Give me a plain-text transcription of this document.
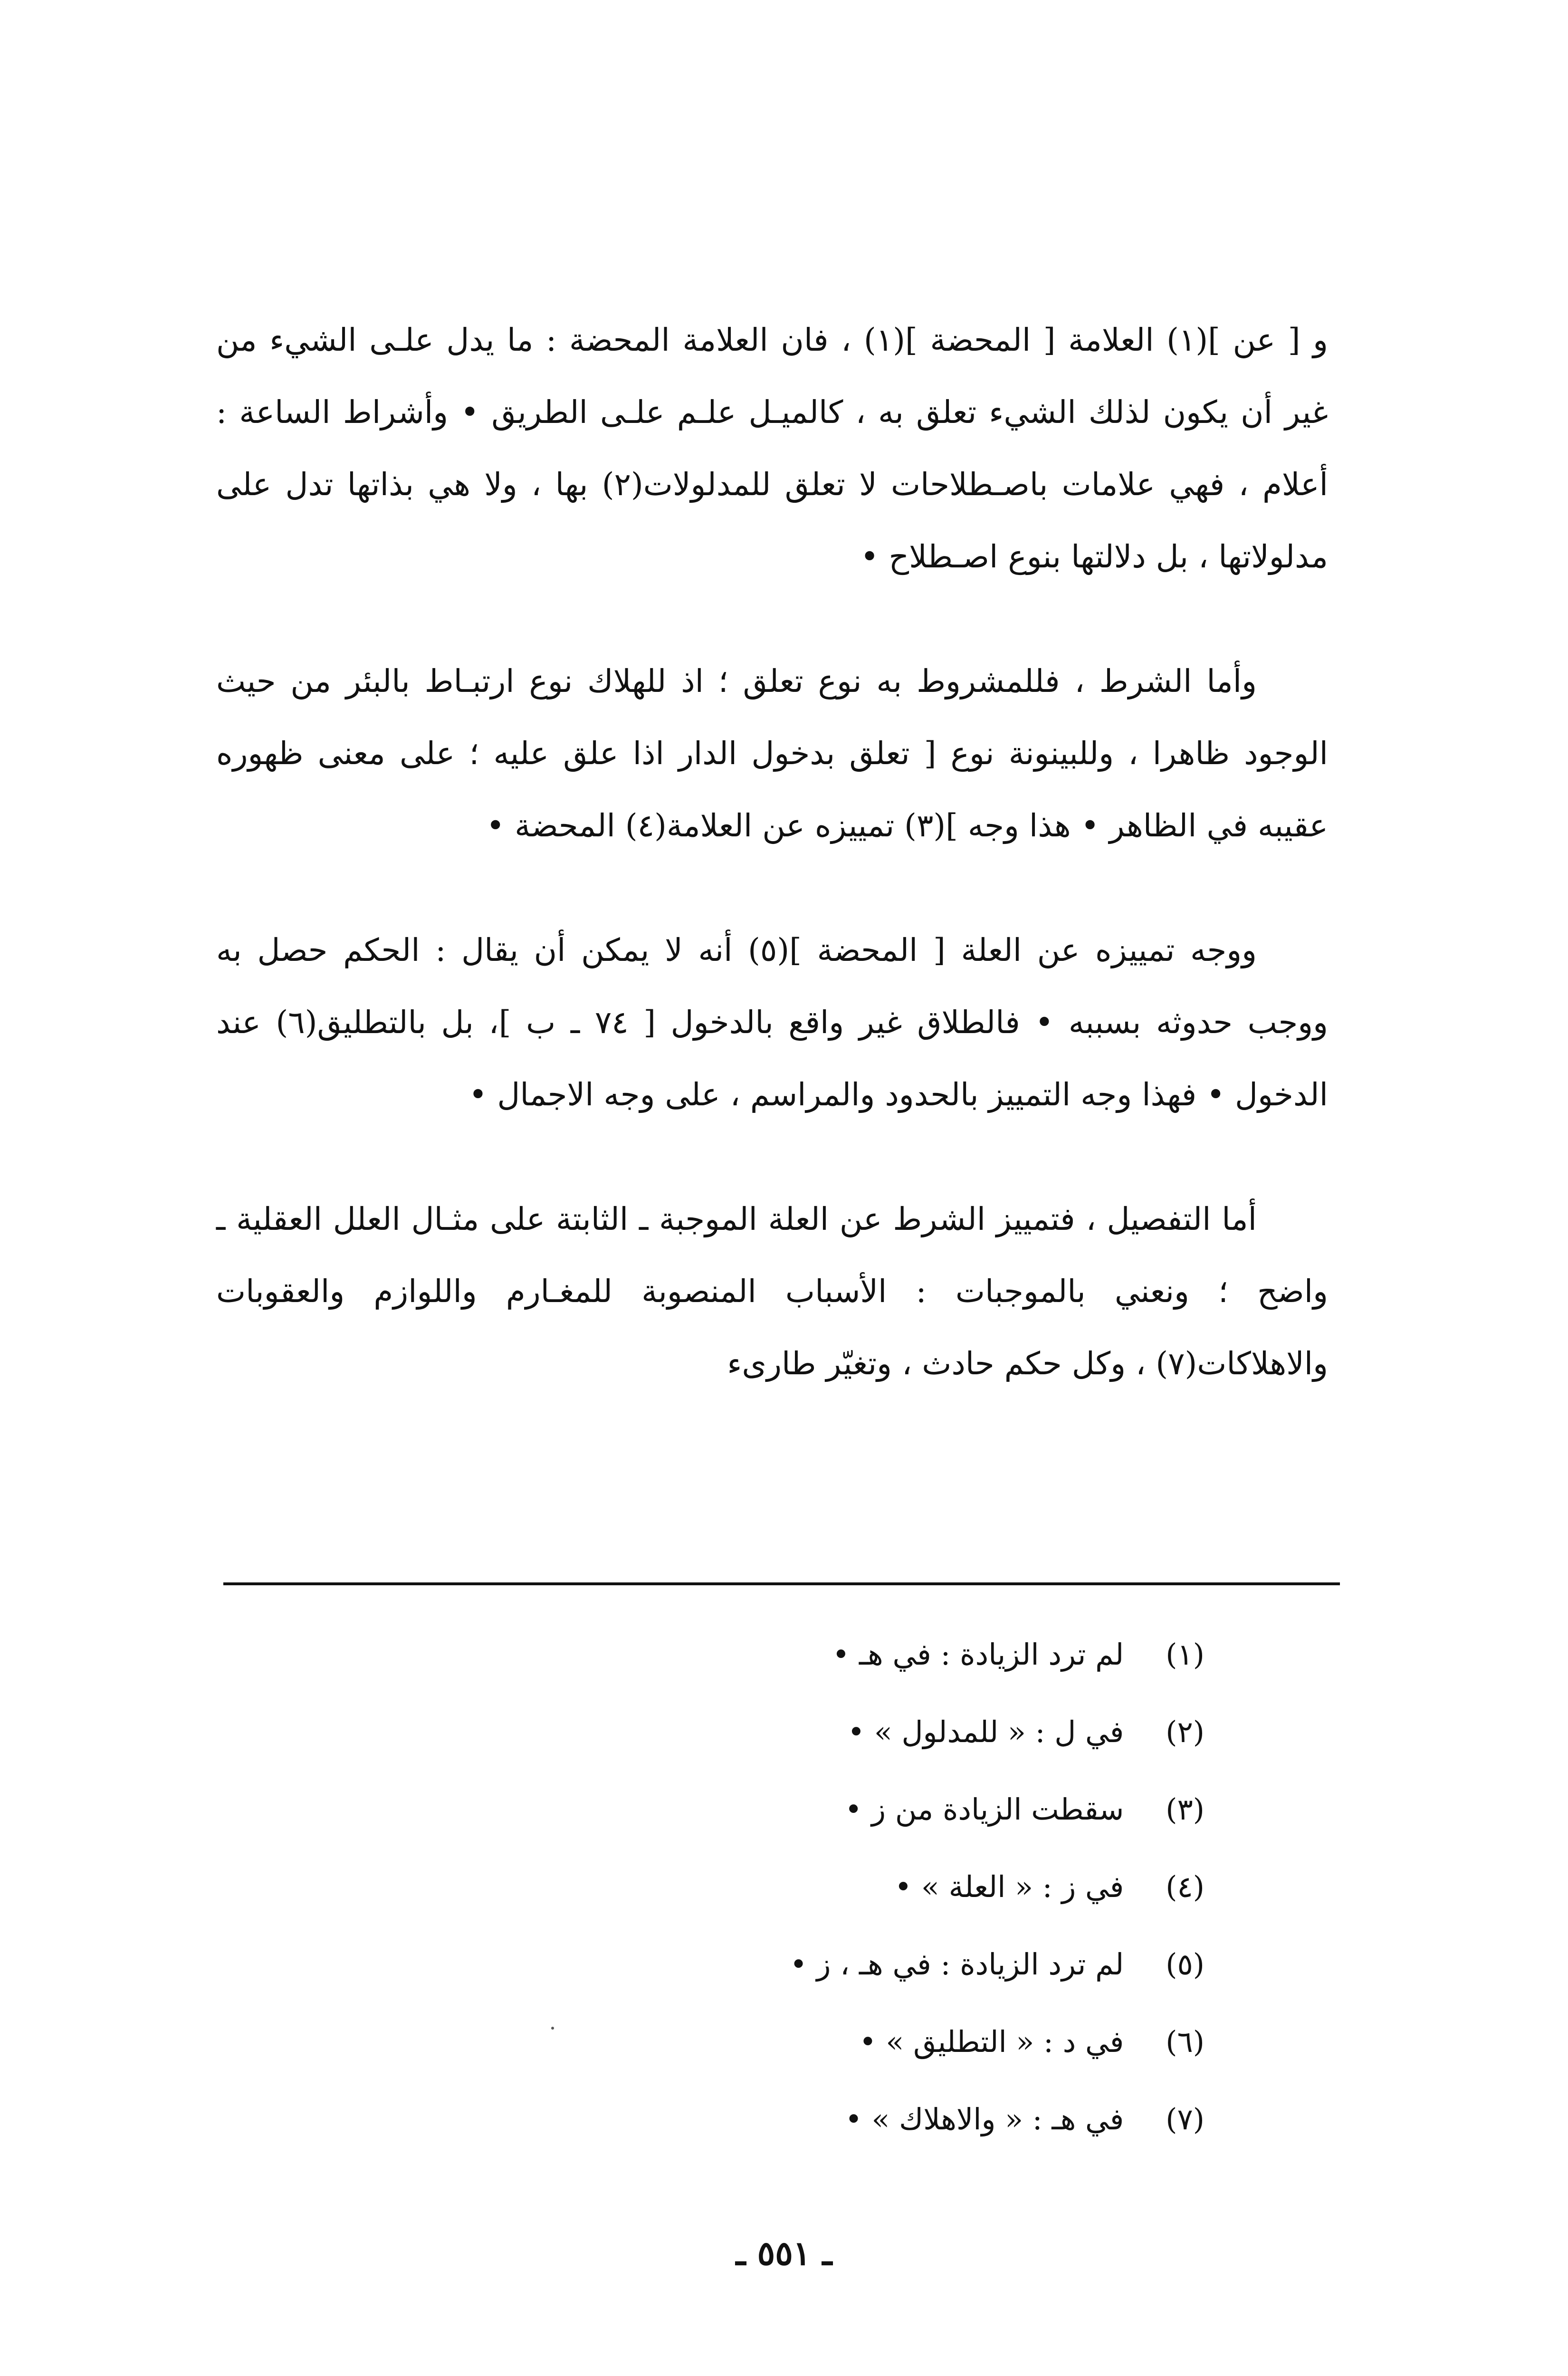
و [ عن ](١) العلامة [ المحضة ](١) ، فان العلامة المحضة : ما يدل علـى الشيء من غير أن يكون لذلك الشيء تعلق به ، كالميـل علـم علـى الطريق • وأشراط الساعة : أعلام ، فهي علامات باصـطلاحات لا تعلق للمدلولات(٢) بها ، ولا هي بذاتها تدل على مدلولاتها ، بل دلالتها بنوع اصـطلاح •

وأما الشرط ، فللمشروط به نوع تعلق ؛ اذ للهلاك نوع ارتبـاط بالبئر من حيث الوجود ظاهرا ، وللبينونة نوع [ تعلق بدخول الدار اذا علق عليه ؛ على معنى ظهوره عقيبه في الظاهر • هذا وجه ](٣) تمييزه عن العلامة(٤) المحضة •

ووجه تمييزه عن العلة [ المحضة ](٥) أنه لا يمكن أن يقال : الحكم حصل به ووجب حدوثه بسببه • فالطلاق غير واقع بالدخول [ ٧٤ ـ ب ]، بل بالتطليق(٦) عند الدخول • فهذا وجه التمييز بالحدود والمراسم ، على وجه الاجمال •

أما التفصيل ، فتمييز الشرط عن العلة الموجبة ـ الثابتة على مثـال العلل العقلية ـ واضح ؛ ونعني بالموجبات : الأسباب المنصوبة للمغـارم واللوازم والعقوبات والاهلاكات(٧) ، وكل حكم حادث ، وتغيّر طارىء

(١) لم ترد الزيادة : في هـ •
(٢) في ل : « للمدلول » •
(٣) سقطت الزيادة من ز •
(٤) في ز : « العلة » •
(٥) لم ترد الزيادة : في هـ ، ز •
(٦) في د : « التطليق » •
(٧) في هـ : « والاهلاك » •
ـ ٥٥١ ـ
